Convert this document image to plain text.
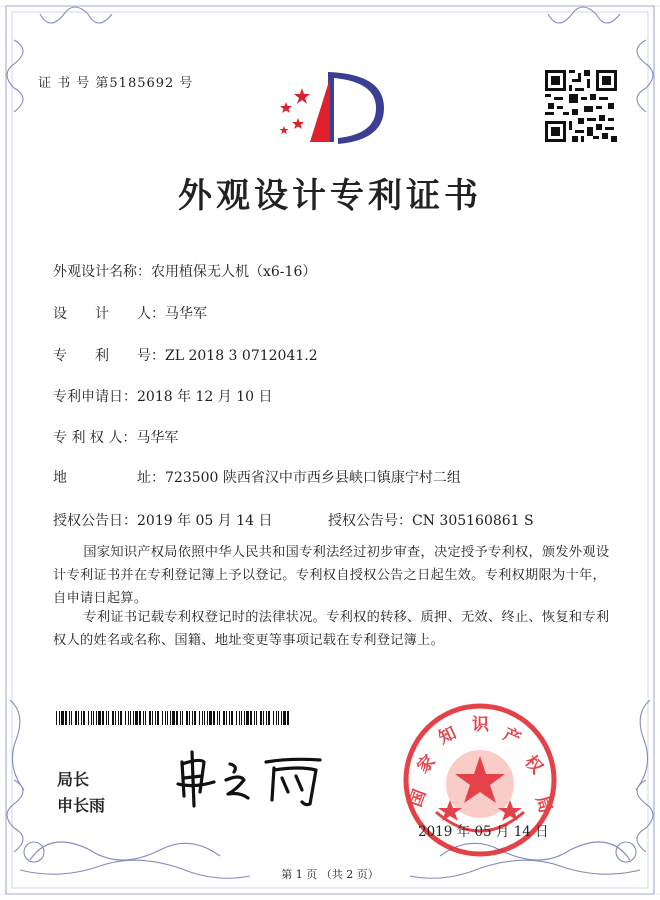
证 书 号 第5185692 号
外观设计专利证书
外观设计名称：农用植保无人机（x6-16）
设　　计　　人：马华军
专　　利　　号：ZL 2018 3 0712041.2
专利申请日：2018 年 12 月 10 日
专 利 权 人：马华军
地　　　　　址：723500 陕西省汉中市西乡县峡口镇康宁村二组
授权公告日：2019 年 05 月 14 日	授权公告号：CN 305160861 S
国家知识产权局依照中华人民共和国专利法经过初步审查，决定授予专利权，颁发外观设计专利证书并在专利登记簿上予以登记。专利权自授权公告之日起生效。专利权期限为十年，自申请日起算。
专利证书记载专利权登记时的法律状况。专利权的转移、质押、无效、终止、恢复和专利权人的姓名或名称、国籍、地址变更等事项记载在专利登记簿上。
局长
申长雨	国
家
知 识 产
权
局
2019 年 05 月 14 日
第 1 页 （共 2 页）
